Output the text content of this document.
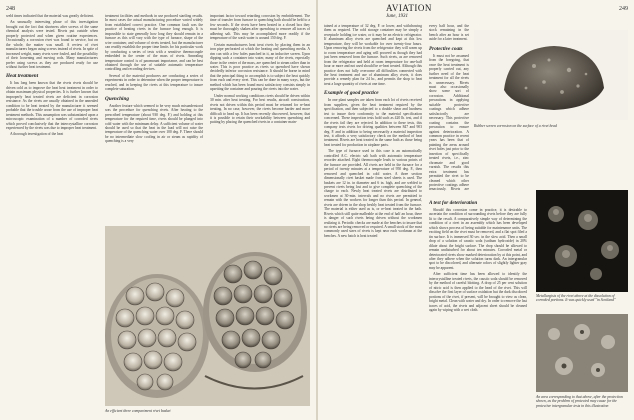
248

weld times indicated that the material was greatly deficient.

An unusually interesting phase of this investigation brought out the fact that shortness after screws of the same chemical analysis were tested. Rivets put outside when properly protected and when given routine experiences. Occasionally a corrosion rivet was found to service, but on the whole, the matter was small. A review of rivet manufacturers began using screws instead of rivets. In spite of increased weight, many rivets were fouled, and the possibility of their loosening and moving rods. Many manufacturers prefer using screws as they are produced ready for use without further heat treatment.

Heat treatment

It has long been known that the rivets rivets should be driven cold as to improve the heat heat treatment in order to obtain maximum physical properties. It is further known that improperly heat treated rivets are deficient in corrosion resistance. As the rivets are usually obtained in the annealed condition to be heat treated by the manufacturer it seemed probable that the trouble arose from the use of improper heat treatment methods. This assumption was substantiated upon a microscopic examination of a number of corroded rivets which proved conclusively that the intercrystalline corrosion experienced by the rivets was due to improper heat treatment.

A thorough investigation of the heat

treatment facilities and methods in use produced startling results. In most cases the actual manufacturing procedure varied widely from established correct practice. One common fault was the practice of heating rivets in the furnace long enough. It is impossible to state generally how long they should remain in a furnace as this will vary with the type of furnace, shape of the wire container, and volume of rivets treated, but the manufacturer can readily establish the proper time limits for his particular work by conducting a series of tests with a sensitive thermocouple embedded in the center of the mass of rivets. Annealing temperature control is of paramount importance, and can be best obtained through the use of suitable automatic temperature controlling and recording devices.

Several of the material producers are conducting a series of experiments in order to determine when the proper temperature is reached, and in keeping the rivets at this temperature to insure complete saturation.

Quenching

Another feature which seemed to be very much misunderstood was the procedure for quenching rivets. After heating to the prescribed temperature (about 930 deg. F.) and holding at this temperature for the required time, rivets should be plunged into cold water with the minimum delay. A sufficient volume of water should be used so that the heat in the load will not raise the temperature of the quenching water over 100 deg. F. There should be no intermediate slow cooling in air or steam as rapidity of quenching is a very

important factor toward retarding corrosion by embrittlement. The time of transfer from furnace to quenching bath should be held to a few seconds. If the rivets have been heated in a closed box they must be thoroughly shaken after quenching to remove all traces of adhering salt. This may be accomplished more readily if the temperature of the wash water is around 150 deg. F.

Certain manufacturers heat treat rivets by placing them in an iron pipe perforated at which the heating and quenching media. A rim can with a few holes punched in it, an inductive screen. Upon dipping such a container into water, many of the rivets, especially those in the center of the mass, are quenched to steam rather than in water. This is poor practice as rivets so quenched have shown decidedly inferior corrosion resistance. It should be borne in mind that the principal thing to accomplish is to subject the heat quickly from each and every rivet. This can be done in many ways, but the method which has been found most satisfactory consists simply in upsetting the container and pouring the rivets into the water.

Under normal working conditions rivets should be driven within 30 min. after heat treating. For best results, aircraft construction, rivets not driven within this period must be returned for re-heat treating. In no case, however, the rivets become harder and more difficult to head up. It has been recently discovered, however, that it is possible to retain their workability between quenching and putting by placing the quenched rivets in a container main-

An efficient three compartment rivet basket
AVIATION
June, 1931
249

tained at a temperature of 32 deg. F. or lower, and withdrawing them as required. The cold storage container may be simply a receptacle holding ice water, or it may be an electric refrigerator. If aluminum alloy rivets are quenched and kept at this low temperature, they will be workable for over twenty-four hours. Upon removing the rivets from the refrigerator they will warm up to room temperature and aging will proceed as though they had just been removed from the furnace. Such rivets, as are removed from the refrigerator and held at room temperature for one-half hour or more and not used should be re-heat treated. Although this practice does not fully overcome all difficulties connected with the heat treatment and use of aluminum alloy rivets, it does provide a remedy plan for 24 hr., and permits the shop to heat treat a large quantity of rivets at one time.

Example of good practice

In one plant samples are taken from each lot of rivets received from suppliers, given the heat treatment required by the specification, and then subjected to a double shear and hardness test to insure their conformity to the material specification concerned. These inspection tests hold such as 420 lb. test, and if the rivets fail they are rejected. In addition to these tests, this company tests rivets for driving qualities between 847 and 903 deg. F. and in addition to being necessarily a material inspection test, it affords a very satisfactory check on the method of heat treatment. Rivets are heat treated in the same bath as those being heat treated for production in airplane parts.

The type of furnace used in this case is an automatically controlled A.C. electric salt bath with automatic temperature recorder attached. Eight thermocouple leads to various points of the furnace are provided. All rivets are held in the furnace for a period of twenty minutes at a temperature of 950 deg. F., then removed and quenched in cold water. A three section dimensionally rivet basket made from steel sheets is used. The baskets are 12 in. in diameter and 6 in. high, and are welded to prevent rivets being lost and to give complete quenching of the charge to each. Newly heat treated rivets are distributed to workmen at 30-min. intervals and no rivets are permitted to remain with the workers for longer than this period. In general, rivets are driven in the shop freshly heat treated from the furnace. The material is either used as is, or re-heat treated in the bath. Rivets which still quite malleable at the end of half an hour, there is danger of such rivets being driven without the workmen realizing it. Periodic checks are made at the benches to insure that no rivets are being removed or required. A small stock of the most commonly used sizes of rivets is kept near each workman at the benches. A new batch is heat treated

every half hour, and the stock remaining in the bench after an hour is set aside for a later treatment.

Protective coats

It must not be assumed from the foregoing, that once the heat treatment is properly carried out, any further need of the heat treatment for all the rivets is unnecessary. Rivets must also occasionally show some sort of corrosion. Additional precautions in applying suitable protective coatings which adhere satisfactorily are necessary. This protective coating contains the precaution to ensure against deterioration. A common practice in recent years has been that of painting the areas around rivet holes just prior to the insertion of specifically treated rivets, i.e., zinc chromate and good varnish. The results this extra treatment has permitted the rivet to be cleaned which other protective coatings adhere tenaciously. Rivets are

A test for deterioration

Should this corrosion come in practice, it is desirable to ascertain the condition of surrounding rivets before they are fully lit to the result. A comparatively simple way of determining the condition of a rivet in an assembly which has been developed which shows process of being suitable for maintenance units. The exciting field on the rivet must be removed, and a flat spot filed a tin surface. It is immersed 30 sec. in the slow acid. Then a small drop of a solution of caustic soda (sodium hydroxide) in 20% dilute about the bright surface. The drop should be allowed to remain undisturbed for about ten minutes. Corroded metal or deteriorated rivets show marked deterioration by at this point, and after they adhere when the solution turns dark. An intergranular spot to be discolored, and alternate colors of slightly lighter gray may be apparent.

After sufficient time has been allowed to identify the intercrystalline treated rivets, the caustic soda should be removed by the method of careful blotting. A drop of 25 per cent solution of nitric acid is then applied to the head of the rivet. This will dissolve the first layer of surface oxidation but the dark discolored portions of the rivet, if present, will be brought to view as clean, bright metal. Clean with water and dry. In order to remove the last traces of acid, the rivets and adjacent sheet should be cleaned again by wiping with a wet cloth.

Rubber screen corrosion on the surface of a rivet head
Metallurgists of the rivet above at the dissolution of corroded portions. It was quickly used "in Scotland"
An area corresponding to that above, after the protection shown, as the problem of protected may cause for the protective intergranular tests in this illustration
